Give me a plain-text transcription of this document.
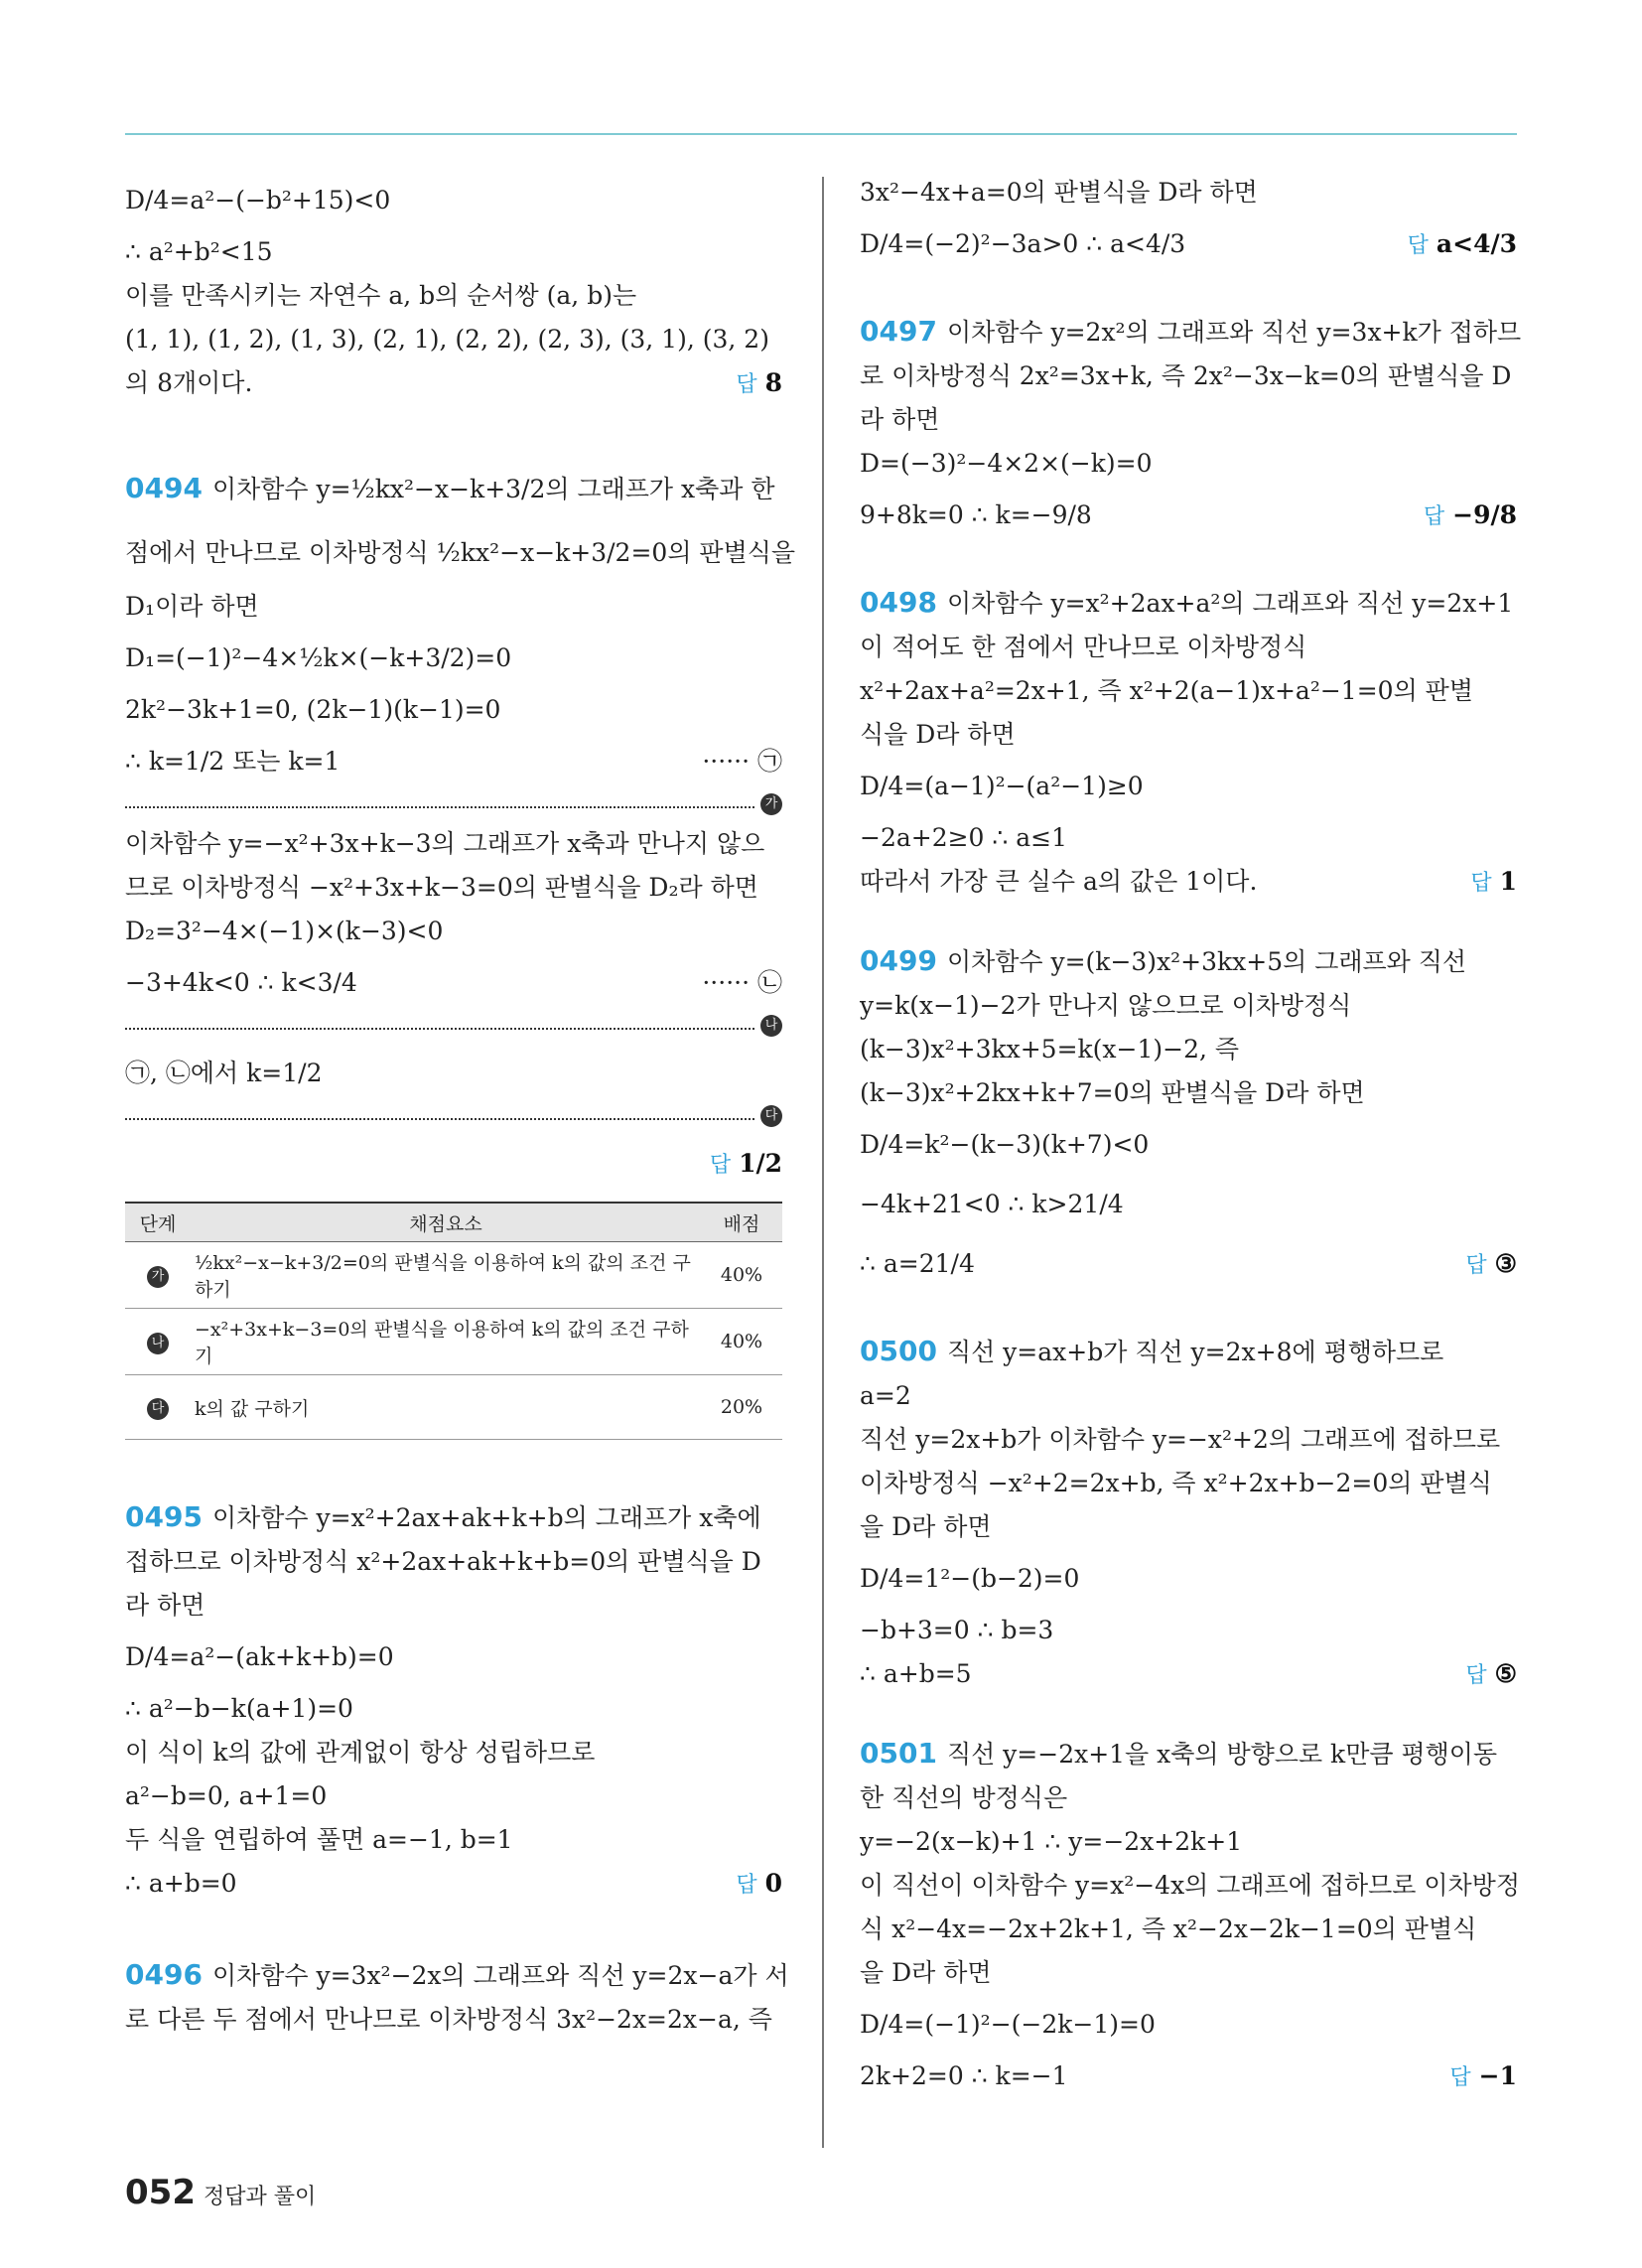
D/4=a²−(−b²+15)<0
∴ a²+b²<15
이를 만족시키는 자연수 a, b의 순서쌍 (a, b)는
(1, 1), (1, 2), (1, 3), (2, 1), (2, 2), (2, 3), (3, 1), (3, 2)
의 8개이다.	답 8
0494 이차함수 y=½kx²−x−k+3/2의 그래프가 x축과 한
점에서 만나므로 이차방정식 ½kx²−x−k+3/2=0의 판별식을
D₁이라 하면
D₁=(−1)²−4×½k×(−k+3/2)=0
2k²−3k+1=0, (2k−1)(k−1)=0
∴ k=1/2 또는 k=1	······ ㉠
가
이차함수 y=−x²+3x+k−3의 그래프가 x축과 만나지 않으
므로 이차방정식 −x²+3x+k−3=0의 판별식을 D₂라 하면
D₂=3²−4×(−1)×(k−3)<0
−3+4k<0 ∴ k<3/4	······ ㉡
나
㉠, ㉡에서 k=1/2
다
답 1/2
단계	채점요소	배점
가	½kx²−x−k+3/2=0의 판별식을 이용하여 k의 값의 조건 구하기	40%
나	−x²+3x+k−3=0의 판별식을 이용하여 k의 값의 조건 구하기	40%
다	k의 값 구하기	20%
0495 이차함수 y=x²+2ax+ak+k+b의 그래프가 x축에
접하므로 이차방정식 x²+2ax+ak+k+b=0의 판별식을 D
라 하면
D/4=a²−(ak+k+b)=0
∴ a²−b−k(a+1)=0
이 식이 k의 값에 관계없이 항상 성립하므로
a²−b=0, a+1=0
두 식을 연립하여 풀면 a=−1, b=1
∴ a+b=0	답 0
0496 이차함수 y=3x²−2x의 그래프와 직선 y=2x−a가 서
로 다른 두 점에서 만나므로 이차방정식 3x²−2x=2x−a, 즉
3x²−4x+a=0의 판별식을 D라 하면
D/4=(−2)²−3a>0 ∴ a<4/3	답 a<4/3
0497 이차함수 y=2x²의 그래프와 직선 y=3x+k가 접하므
로 이차방정식 2x²=3x+k, 즉 2x²−3x−k=0의 판별식을 D
라 하면
D=(−3)²−4×2×(−k)=0
9+8k=0 ∴ k=−9/8	답 −9/8
0498 이차함수 y=x²+2ax+a²의 그래프와 직선 y=2x+1
이 적어도 한 점에서 만나므로 이차방정식
x²+2ax+a²=2x+1, 즉 x²+2(a−1)x+a²−1=0의 판별
식을 D라 하면
D/4=(a−1)²−(a²−1)≥0
−2a+2≥0 ∴ a≤1
따라서 가장 큰 실수 a의 값은 1이다.	답 1
0499 이차함수 y=(k−3)x²+3kx+5의 그래프와 직선
y=k(x−1)−2가 만나지 않으므로 이차방정식
(k−3)x²+3kx+5=k(x−1)−2, 즉
(k−3)x²+2kx+k+7=0의 판별식을 D라 하면
D/4=k²−(k−3)(k+7)<0
−4k+21<0 ∴ k>21/4
∴ a=21/4	답 ③
0500 직선 y=ax+b가 직선 y=2x+8에 평행하므로
a=2
직선 y=2x+b가 이차함수 y=−x²+2의 그래프에 접하므로
이차방정식 −x²+2=2x+b, 즉 x²+2x+b−2=0의 판별식
을 D라 하면
D/4=1²−(b−2)=0
−b+3=0 ∴ b=3
∴ a+b=5	답 ⑤
0501 직선 y=−2x+1을 x축의 방향으로 k만큼 평행이동
한 직선의 방정식은
y=−2(x−k)+1 ∴ y=−2x+2k+1
이 직선이 이차함수 y=x²−4x의 그래프에 접하므로 이차방정
식 x²−4x=−2x+2k+1, 즉 x²−2x−2k−1=0의 판별식
을 D라 하면
D/4=(−1)²−(−2k−1)=0
2k+2=0 ∴ k=−1	답 −1
052 정답과 풀이
